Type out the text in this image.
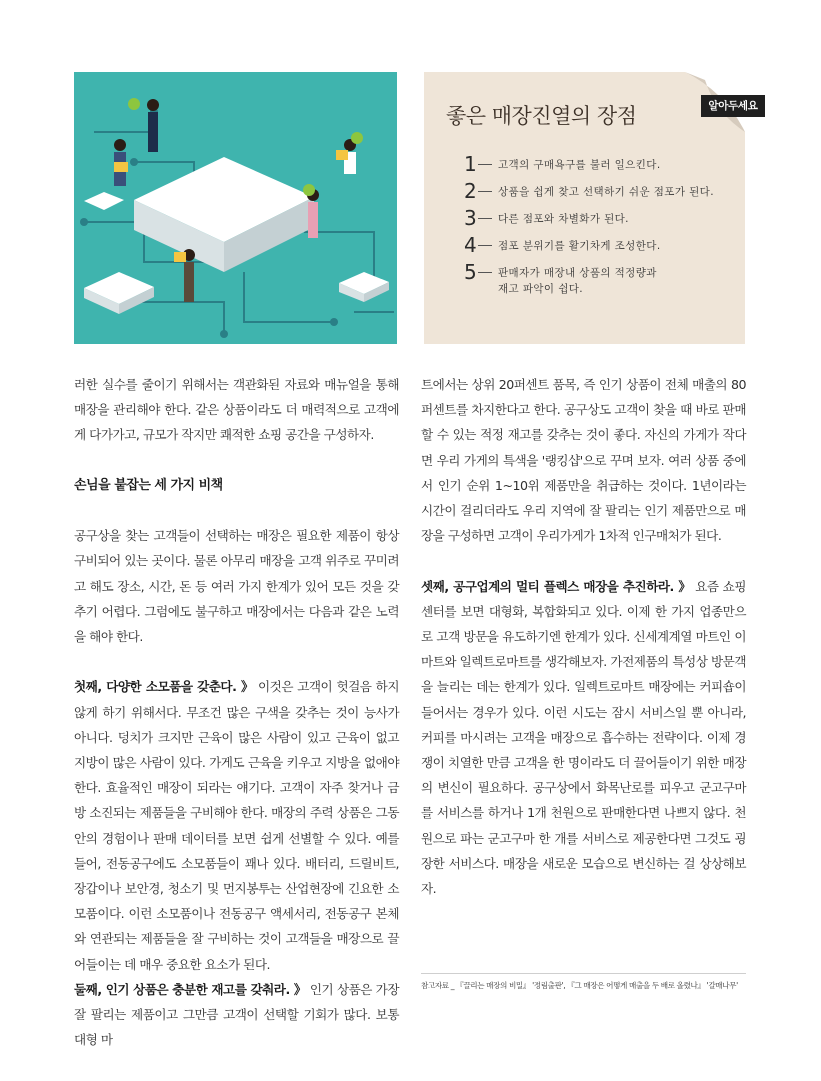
좋은 매장진열의 장점
1 고객의 구매욕구를 불러 일으킨다.
2 상품을 쉽게 찾고 선택하기 쉬운 점포가 된다.
3 다른 점포와 차별화가 된다.
4 점포 분위기를 활기차게 조성한다.
5 판매자가 매장내 상품의 적정량과
재고 파악이 쉽다.
알아두세요

러한 실수를 줄이기 위해서는 객관화된 자료와 매뉴얼을 통해 매장을 관리해야 한다. 같은 상품이라도 더 매력적으로 고객에게 다가가고, 규모가 작지만 쾌적한 쇼핑 공간을 구성하자.

손님을 붙잡는 세 가지 비책

공구상을 찾는 고객들이 선택하는 매장은 필요한 제품이 항상 구비되어 있는 곳이다. 물론 아무리 매장을 고객 위주로 꾸미려고 해도 장소, 시간, 돈 등 여러 가지 한계가 있어 모든 것을 갖추기 어렵다. 그럼에도 불구하고 매장에서는 다음과 같은 노력을 해야 한다.

첫째, 다양한 소모품을 갖춘다. 》 이것은 고객이 헛걸음 하지 않게 하기 위해서다. 무조건 많은 구색을 갖추는 것이 능사가 아니다. 덩치가 크지만 근육이 많은 사람이 있고 근육이 없고 지방이 많은 사람이 있다. 가게도 근육을 키우고 지방을 없애야 한다. 효율적인 매장이 되라는 얘기다. 고객이 자주 찾거나 금방 소진되는 제품들을 구비해야 한다. 매장의 주력 상품은 그동안의 경험이나 판매 데이터를 보면 쉽게 선별할 수 있다. 예를 들어, 전동공구에도 소모품들이 꽤나 있다. 배터리, 드릴비트, 장갑이나 보안경, 청소기 및 먼지봉투는 산업현장에 긴요한 소모품이다. 이런 소모품이나 전동공구 액세서리, 전동공구 본체와 연관되는 제품들을 잘 구비하는 것이 고객들을 매장으로 끌어들이는 데 매우 중요한 요소가 된다.

둘째, 인기 상품은 충분한 재고를 갖춰라. 》 인기 상품은 가장 잘 팔리는 제품이고 그만큼 고객이 선택할 기회가 많다. 보통 대형 마

트에서는 상위 20퍼센트 품목, 즉 인기 상품이 전체 매출의 80퍼센트를 차지한다고 한다. 공구상도 고객이 찾을 때 바로 판매할 수 있는 적정 재고를 갖추는 것이 좋다. 자신의 가게가 작다면 우리 가게의 특색을 '랭킹샵'으로 꾸며 보자. 여러 상품 중에서 인기 순위 1~10위 제품만을 취급하는 것이다. 1년이라는 시간이 걸리더라도 우리 지역에 잘 팔리는 인기 제품만으로 매장을 구성하면 고객이 우리가게가 1차적 인구매처가 된다.

셋째, 공구업계의 멀티 플렉스 매장을 추진하라. 》 요즘 쇼핑센터를 보면 대형화, 복합화되고 있다. 이제 한 가지 업종만으로 고객 방문을 유도하기엔 한계가 있다. 신세계계열 마트인 이마트와 일렉트로마트를 생각해보자. 가전제품의 특성상 방문객을 늘리는 데는 한계가 있다. 일렉트로마트 매장에는 커피숍이 들어서는 경우가 있다. 이런 시도는 잠시 서비스일 뿐 아니라, 커피를 마시려는 고객을 매장으로 흡수하는 전략이다. 이제 경쟁이 치열한 만큼 고객을 한 명이라도 더 끌어들이기 위한 매장의 변신이 필요하다. 공구상에서 화목난로를 피우고 군고구마를 서비스를 하거나 1개 천원으로 판매한다면 나쁘지 않다. 천원으로 파는 군고구마 한 개를 서비스로 제공한다면 그것도 굉장한 서비스다. 매장을 새로운 모습으로 변신하는 걸 상상해보자.

참고자료 _ 『끌리는 매장의 비밀』 '정림출판', 『그 매장은 어떻게 매출을 두 배로 올렸나』 '갈매나무'
